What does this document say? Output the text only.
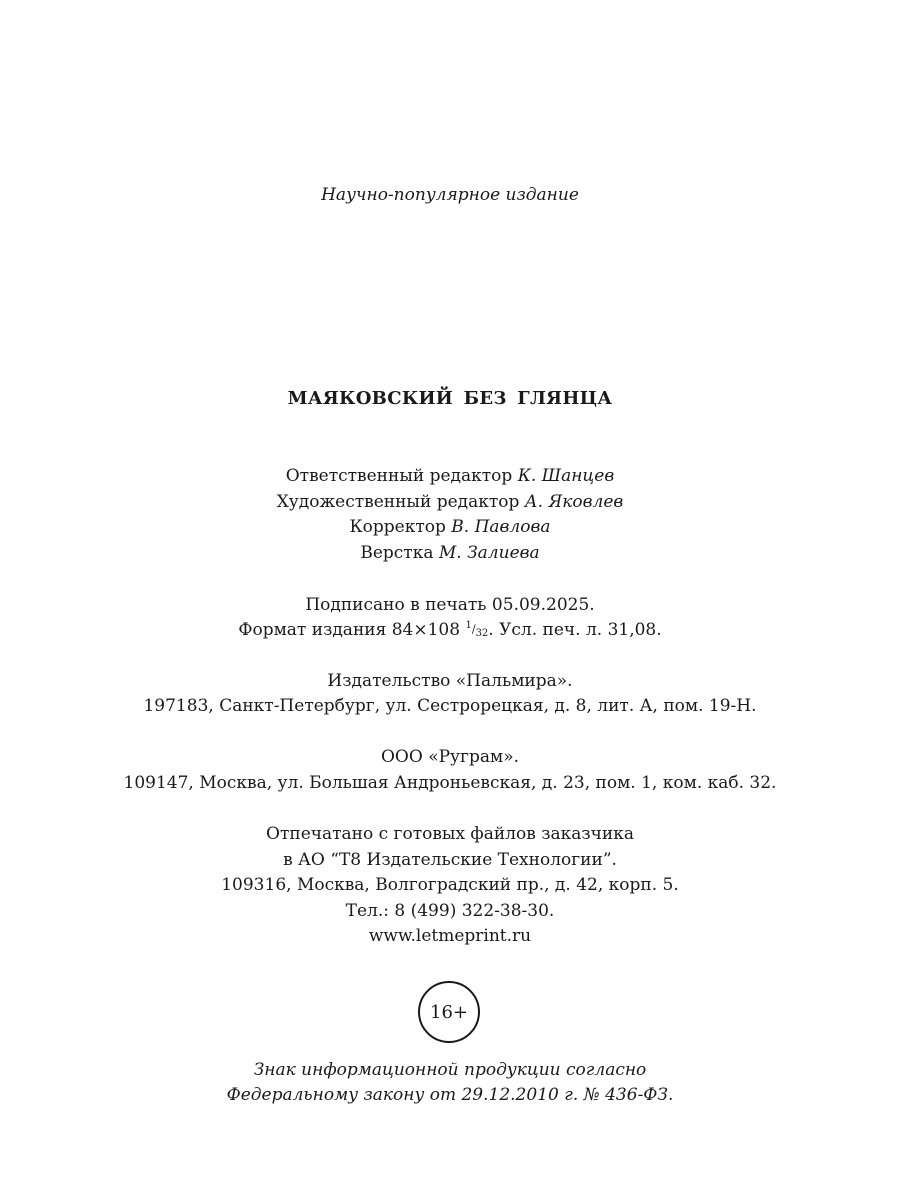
Научно-популярное издание
МАЯКОВСКИЙ БЕЗ ГЛЯНЦА
Ответственный редактор К. Шанцев
Художественный редактор А. Яковлев
Корректор В. Павлова
Верстка М. Залиева
Подписано в печать 05.09.2025.
Формат издания 84×108 $^1/_{32}$. Усл. печ. л. 31,08.
Издательство «Пальмира».
197183, Санкт-Петербург, ул. Сестрорецкая, д. 8, лит. А, пом. 19-Н.
ООО «Руграм».
109147, Москва, ул. Большая Андроньевская, д. 23, пом. 1, ком. каб. 32.
Отпечатано с готовых файлов заказчика
в АО “Т8 Издательские Технологии”.
109316, Москва, Волгоградский пр., д. 42, корп. 5.
Тел.: 8 (499) 322-38-30.
www.letmeprint.ru
16+
Знак информационной продукции согласно
Федеральному закону от 29.12.2010 г. № 436-ФЗ.
